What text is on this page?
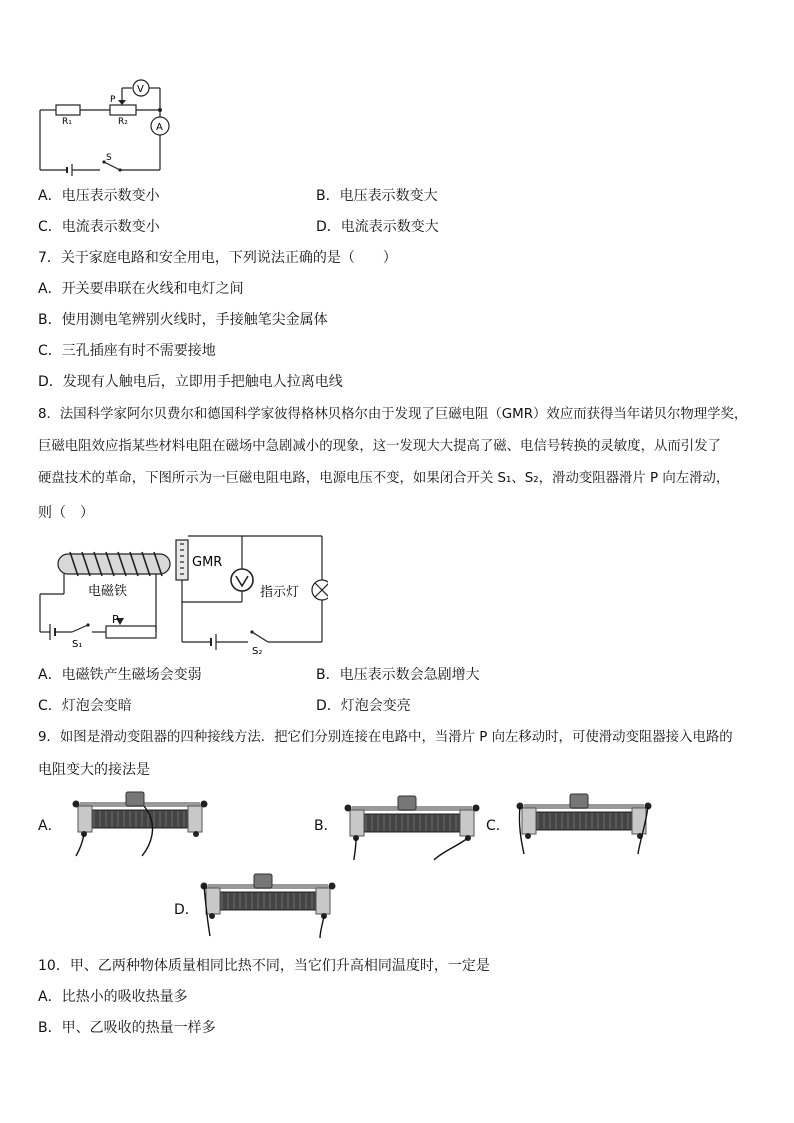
R₁	R₂
P
V
A
S
A．电压表示数变小	B．电压表示数变大
C．电流表示数变小	D．电流表示数变大
7．关于家庭电路和安全用电，下列说法正确的是（　　）
A．开关要串联在火线和电灯之间
B．使用测电笔辨别火线时，手接触笔尖金属体
C．三孔插座有时不需要接地
D．发现有人触电后，立即用手把触电人拉离电线
8．法国科学家阿尔贝费尔和德国科学家彼得格林贝格尔由于发现了巨磁电阻（GMR）效应而获得当年诺贝尔物理学奖，
巨磁电阻效应指某些材料电阻在磁场中急剧减小的现象，这一发现大大提高了磁、电信号转换的灵敏度，从而引发了
硬盘技术的革命，下图所示为一巨磁电阻电路，电源电压不变，如果闭合开关 S₁、S₂，滑动变阻器滑片 P 向左滑动，
则（　）
GMR
电磁铁	指示灯
P
S₁
S₂
A．电磁铁产生磁场会变弱	B．电压表示数会急剧增大
C．灯泡会变暗	D．灯泡会变亮
9．如图是滑动变阻器的四种接线方法．把它们分别连接在电路中，当滑片 P 向左移动时，可使滑动变阻器接入电路的
电阻变大的接法是
A．	B．	C．
D．
10．甲、乙两种物体质量相同比热不同，当它们升高相同温度时，一定是
A．比热小的吸收热量多
B．甲、乙吸收的热量一样多
